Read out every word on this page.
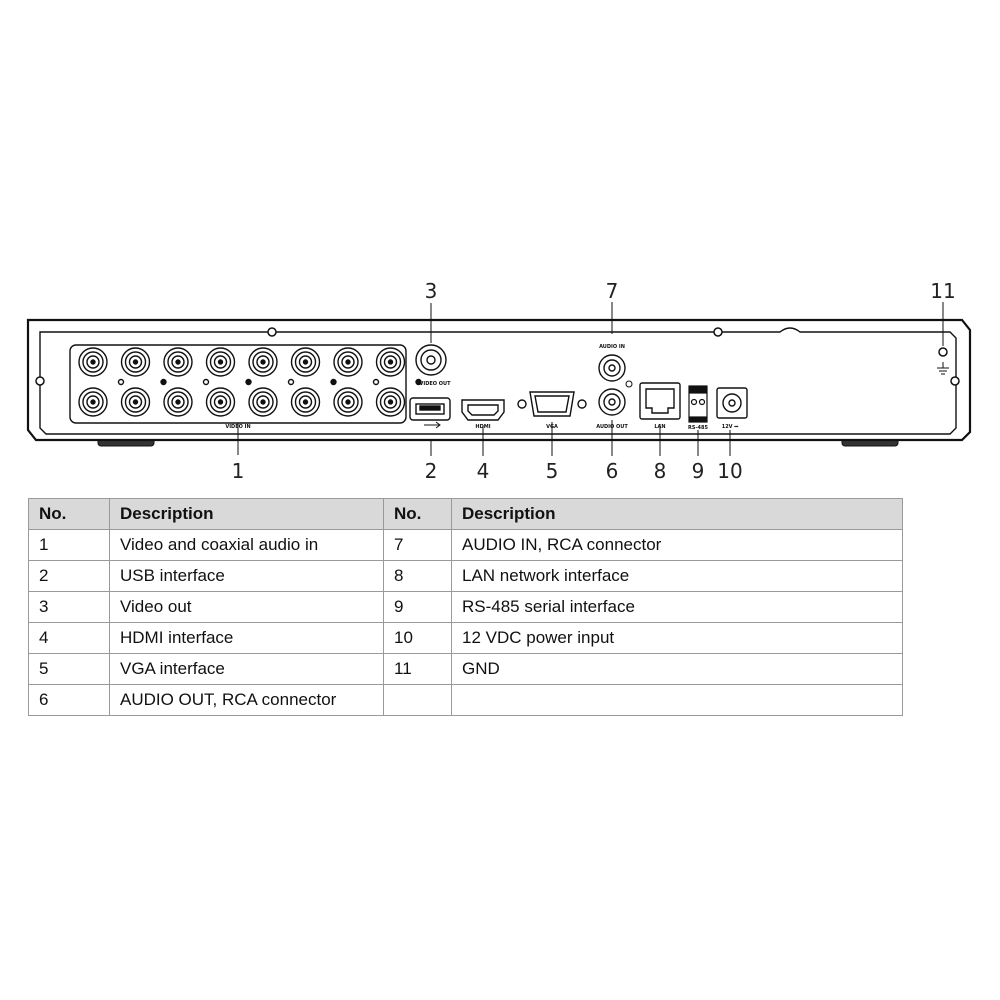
VIDEO IN
VIDEO OUT
HDMI	VGA
AUDIO IN
AUDIO OUT	LAN	RS-485	12V ⎓
1	2
3
4	5 6
7
8 9 10
11
No.	Description	No.	Description
1	Video and coaxial audio in	7	AUDIO IN, RCA connector
2	USB interface	8	LAN network interface
3	Video out	9	RS-485 serial interface
4	HDMI interface	10	12 VDC power input
5	VGA interface	11	GND
6	AUDIO OUT, RCA connector		
